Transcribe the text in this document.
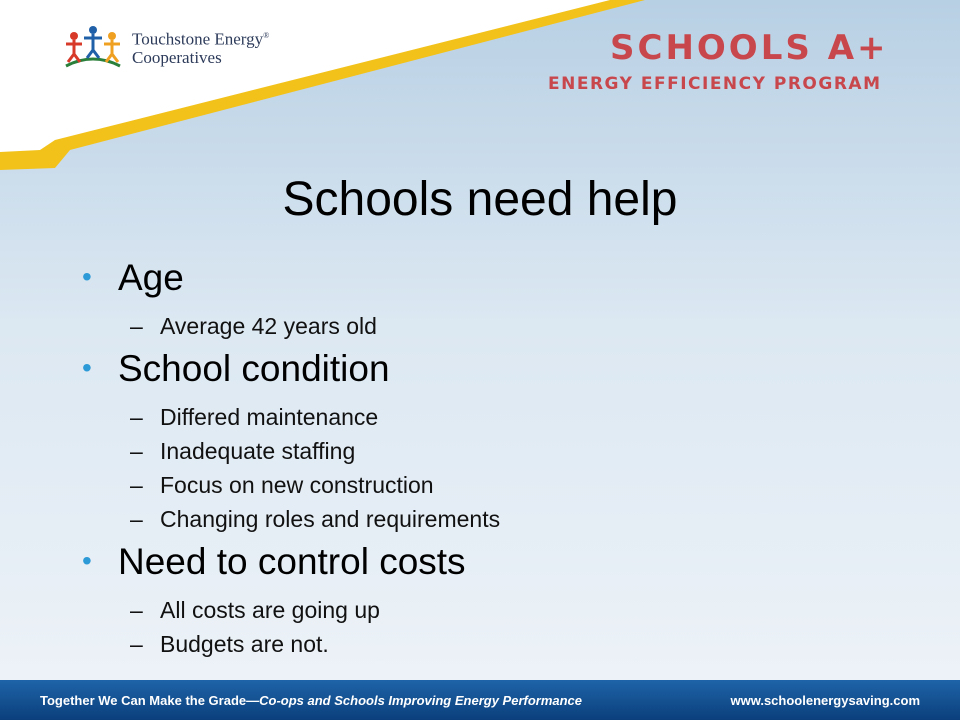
Touchstone Energy®
Cooperatives	SCHOOLS A+
ENERGY EFFICIENCY PROGRAM
Schools need help
• Age
– Average 42 years old
• School condition
– Differed maintenance
– Inadequate staffing
– Focus on new construction
– Changing roles and requirements
• Need to control costs
– All costs are going up
– Budgets are not.
Together We Can Make the Grade—Co-ops and Schools Improving Energy Performance	www.schoolenergysaving.com
